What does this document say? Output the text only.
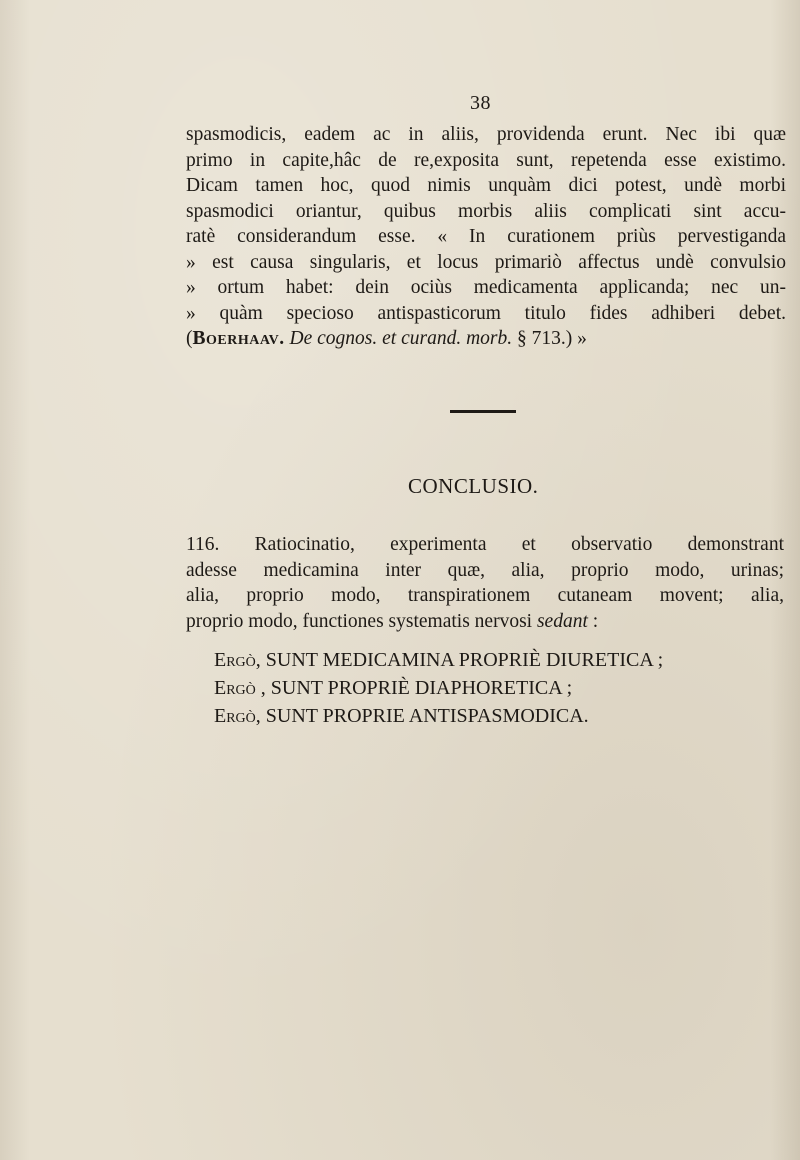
38
spasmodicis, eadem ac in aliis, providenda erunt. Nec ibi quæ
primo in capite,hâc de re,exposita sunt, repetenda esse existimo.
Dicam tamen hoc, quod nimis unquàm dici potest, undè morbi
spasmodici oriantur, quibus morbis aliis complicati sint accu-
ratè considerandum esse. « In curationem priùs pervestiganda
» est causa singularis, et locus primariò affectus undè convulsio
» ortum habet: dein ociùs medicamenta applicanda; nec un-
» quàm specioso antispasticorum titulo fides adhiberi debet.
(Boerhaav. De cognos. et curand. morb. § 713.) »
CONCLUSIO.
116. Ratiocinatio, experimenta et observatio demonstrant
adesse medicamina inter quæ, alia, proprio modo, urinas;
alia, proprio modo, transpirationem cutaneam movent; alia,
proprio modo, functiones systematis nervosi sedant :
Ergò, SUNT MEDICAMINA PROPRIÈ DIURETICA ;
Ergò , SUNT PROPRIÈ DIAPHORETICA ;
Ergò, SUNT PROPRIE ANTISPASMODICA.
